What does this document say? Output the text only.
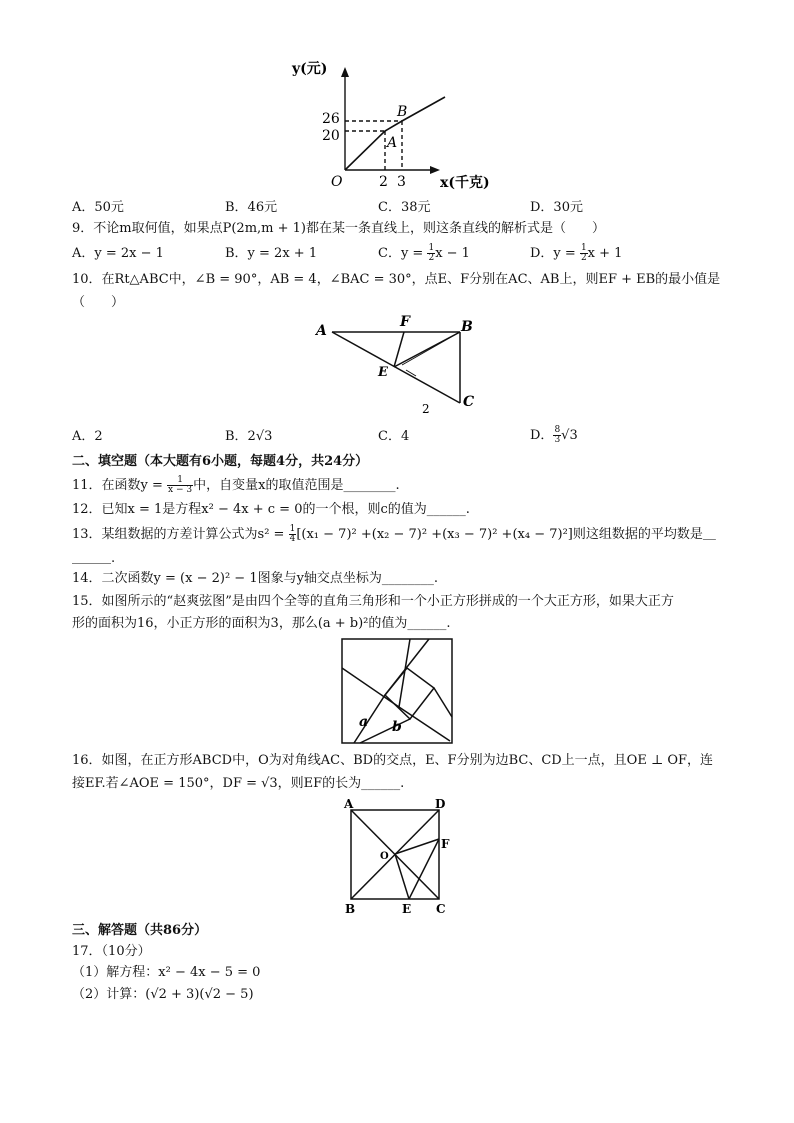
y(元)
x(千克)
26
20
2 3
O
A
B
A．50元	B．46元	C．38元	D．30元
9．不论m取何值，如果点P(2m,m + 1)都在某一条直线上，则这条直线的解析式是（　　）
A．y = 2x − 1	B．y = 2x + 1	C．$y = \frac{1}{2}$ x − 1	D．$y = \frac{1}{2}$ x + 1
10．在Rt△ABC中，∠B = 90°，AB = 4，∠BAC = 30°，点E、F分别在AC、AB上，则EF + EB的最小值是
（　　）
A
F	B
E
C
2
A．2	B．2√3	C．4	D． $\frac{8}{3} √3$
二、填空题（本大题有6小题，每题4分，共24分）
11．在函数$y = \frac{1}{x - 3}$ 中，自变量x的取值范围是________.
12．已知x = 1是方程x² − 4x + c = 0的一个根，则c的值为______.
13．某组数据的方差计算公式为$s^2 = \frac{1}{4} [(x_1 - 7)^2 +(x_2 - 7)^2 +(x_3 - 7)^2 +(x_4 - 7)^2]$则这组数据的平均数是＿
＿＿＿.
14．二次函数y = (x − 2)² − 1图象与y轴交点坐标为________.
15．如图所示的“赵爽弦图”是由四个全等的直角三角形和一个小正方形拼成的一个大正方形，如果大正方
形的面积为16，小正方形的面积为3，那么(a + b)²的值为______.
a b
16．如图，在正方形ABCD中，O为对角线AC、BD的交点，E、F分别为边BC、CD上一点，且OE ⊥ OF，连
接EF.若∠AOE = 150°，DF = √3，则EF的长为______.
A	D
B	E C
F
O
三、解答题（共86分）
17．（10分）
（1）解方程：x² − 4x − 5 = 0
（2）计算：(√2 + 3)(√2 − 5)
